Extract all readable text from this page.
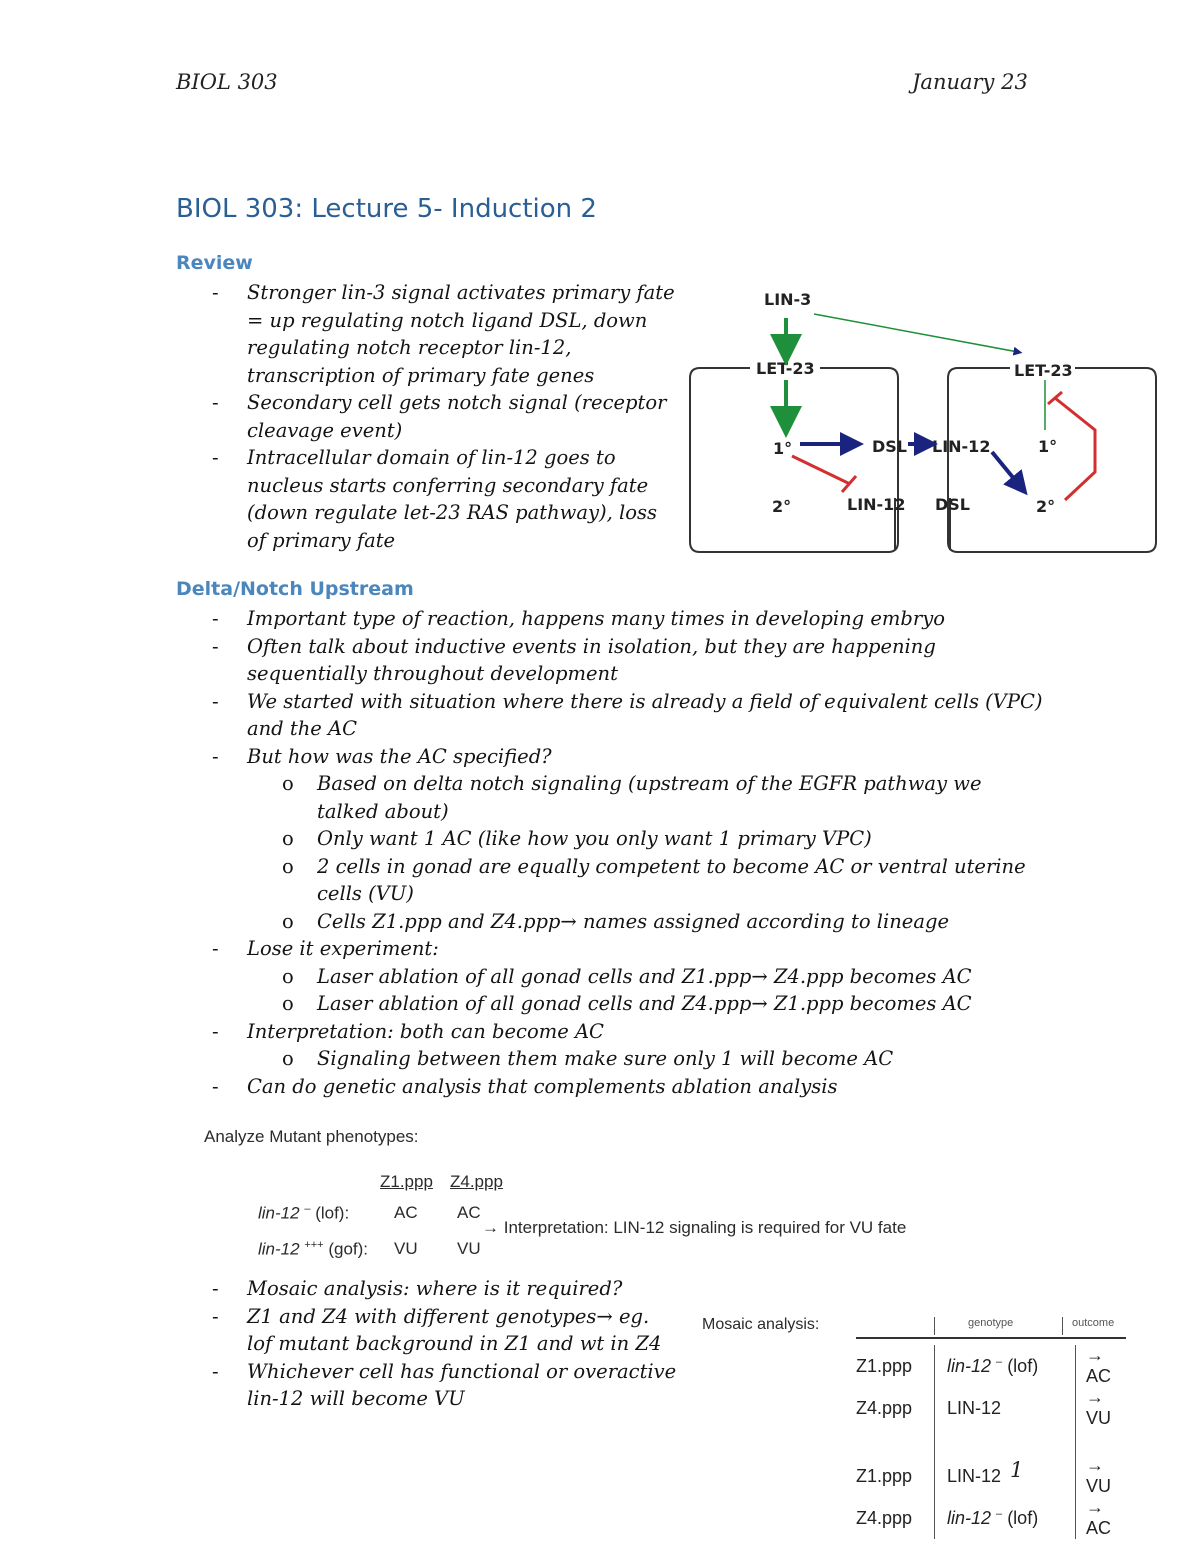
BIOL 303	January 23
BIOL 303: Lecture 5- Induction 2
Review
- Stronger lin-3 signal activates primary fate
= up regulating notch ligand DSL, down
regulating notch receptor lin-12,
transcription of primary fate genes
- Secondary cell gets notch signal (receptor
cleavage event)
- Intracellular domain of lin-12 goes to
nucleus starts conferring secondary fate
(down regulate let-23 RAS pathway), loss
of primary fate
LIN-3
LET-23	LET-23
1°
2°
DSL LIN-12
LIN-12 DSL
1°
2°
Delta/Notch Upstream
- Important type of reaction, happens many times in developing embryo
- Often talk about inductive events in isolation, but they are happening
sequentially throughout development
- We started with situation where there is already a field of equivalent cells (VPC)
and the AC
- But how was the AC specified?
o Based on delta notch signaling (upstream of the EGFR pathway we
talked about)
o Only want 1 AC (like how you only want 1 primary VPC)
o 2 cells in gonad are equally competent to become AC or ventral uterine
cells (VU)
o Cells Z1.ppp and Z4.ppp→ names assigned according to lineage
- Lose it experiment:
o Laser ablation of all gonad cells and Z1.ppp→ Z4.ppp becomes AC
o Laser ablation of all gonad cells and Z4.ppp→ Z1.ppp becomes AC
- Interpretation: both can become AC
o Signaling between them make sure only 1 will become AC
- Can do genetic analysis that complements ablation analysis
Analyze Mutant phenotypes:
Z1.ppp Z4.ppp
lin-12 – (lof):	AC AC
lin-12 +++ (gof): VU VU
→ Interpretation: LIN-12 signaling is required for VU fate
- Mosaic analysis: where is it required?
- Z1 and Z4 with different genotypes→ eg.
lof mutant background in Z1 and wt in Z4
- Whichever cell has functional or overactive
lin-12 will become VU
Mosaic analysis:	genotype	outcome
Z1.ppp	lin-12 – (lof)	→ AC
Z4.ppp	LIN-12	→ VU

Z1.ppp	LIN-12	→ VU
Z4.ppp	lin-12 – (lof)	→ AC
1
